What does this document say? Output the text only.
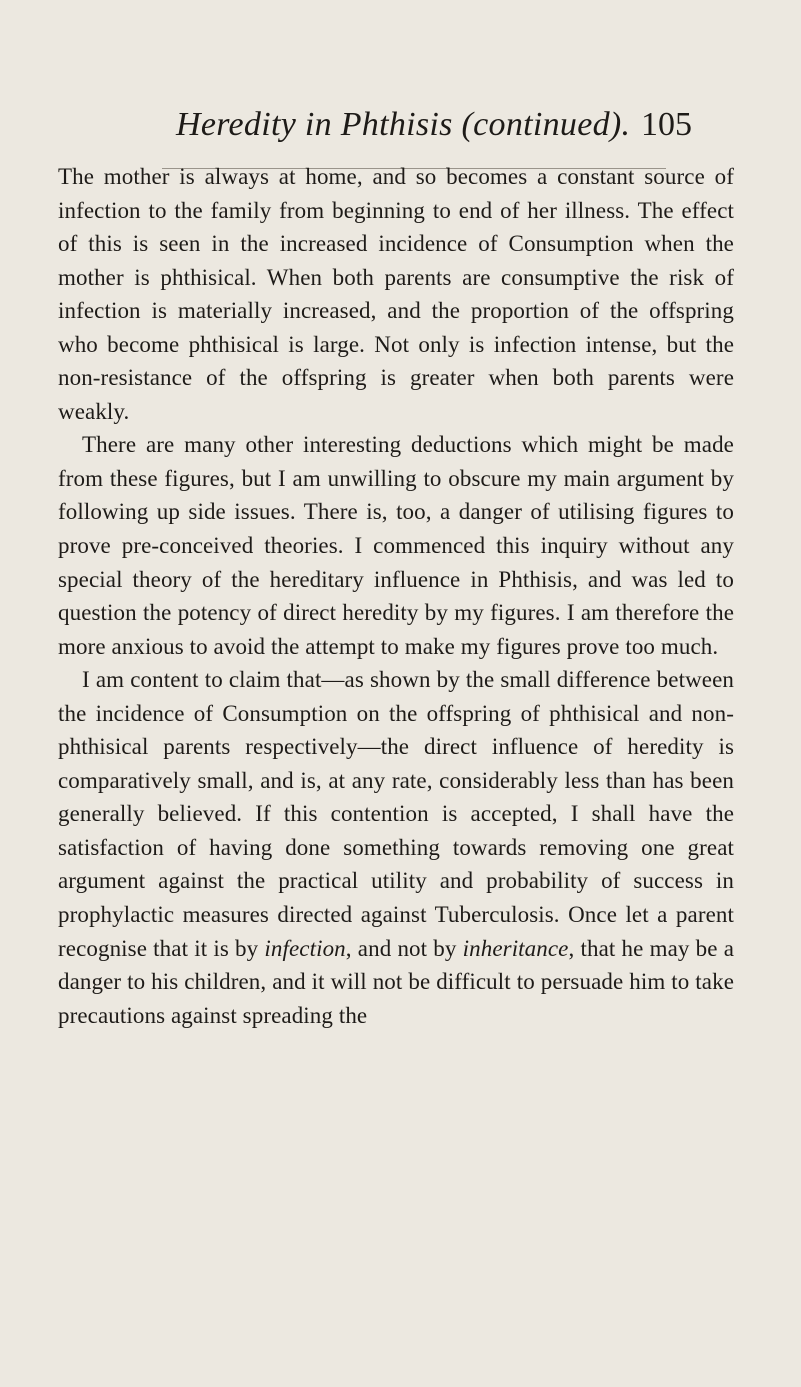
Heredity in Phthisis (continued). 105

The mother is always at home, and so becomes a constant source of infection to the family from beginning to end of her illness. The effect of this is seen in the increased incidence of Consumption when the mother is phthisical. When both parents are consumptive the risk of infection is materially increased, and the proportion of the offspring who become phthisical is large. Not only is infection intense, but the non-resistance of the offspring is greater when both parents were weakly.

There are many other interesting deductions which might be made from these figures, but I am unwilling to obscure my main argument by following up side issues. There is, too, a danger of utilising figures to prove pre-conceived theories. I commenced this inquiry without any special theory of the hereditary influence in Phthisis, and was led to question the potency of direct heredity by my figures. I am therefore the more anxious to avoid the attempt to make my figures prove too much.

I am content to claim that—as shown by the small difference between the incidence of Consumption on the offspring of phthisical and non-phthisical parents respectively—the direct influence of heredity is comparatively small, and is, at any rate, considerably less than has been generally believed. If this contention is accepted, I shall have the satisfaction of having done something towards removing one great argument against the practical utility and probability of success in prophylactic measures directed against Tuberculosis. Once let a parent recognise that it is by infection, and not by inheritance, that he may be a danger to his children, and it will not be difficult to persuade him to take precautions against spreading the
